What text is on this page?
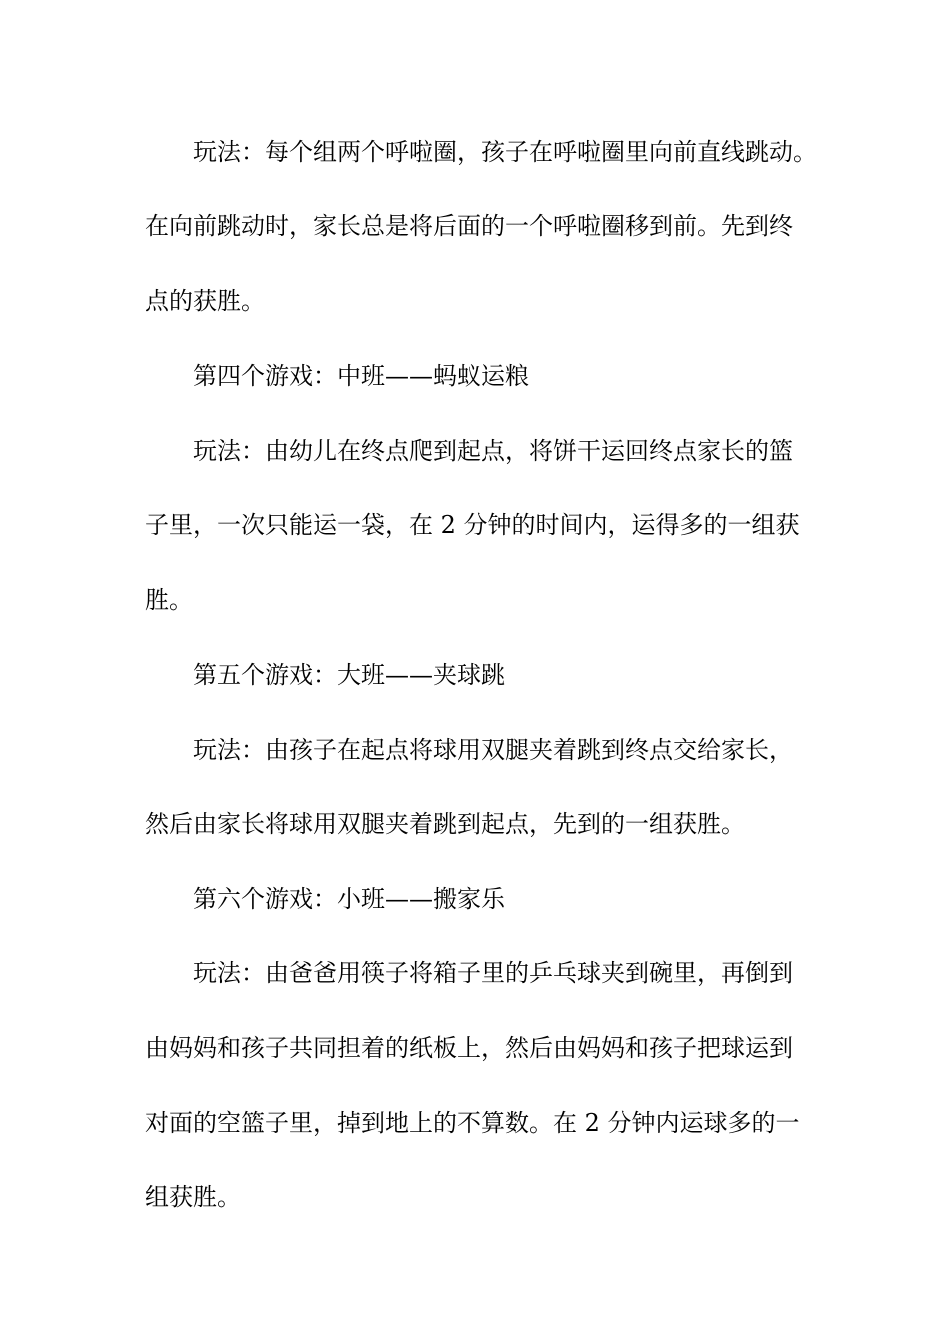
玩法：每个组两个呼啦圈，孩子在呼啦圈里向前直线跳动。
在向前跳动时，家长总是将后面的一个呼啦圈移到前。先到终
点的获胜。
第四个游戏：中班——蚂蚁运粮
玩法：由幼儿在终点爬到起点，将饼干运回终点家长的篮
子里，一次只能运一袋，在 2 分钟的时间内，运得多的一组获
胜。
第五个游戏：大班——夹球跳
玩法：由孩子在起点将球用双腿夹着跳到终点交给家长，
然后由家长将球用双腿夹着跳到起点，先到的一组获胜。
第六个游戏：小班——搬家乐
玩法：由爸爸用筷子将箱子里的乒乓球夹到碗里，再倒到
由妈妈和孩子共同担着的纸板上，然后由妈妈和孩子把球运到
对面的空篮子里，掉到地上的不算数。在 2 分钟内运球多的一
组获胜。
